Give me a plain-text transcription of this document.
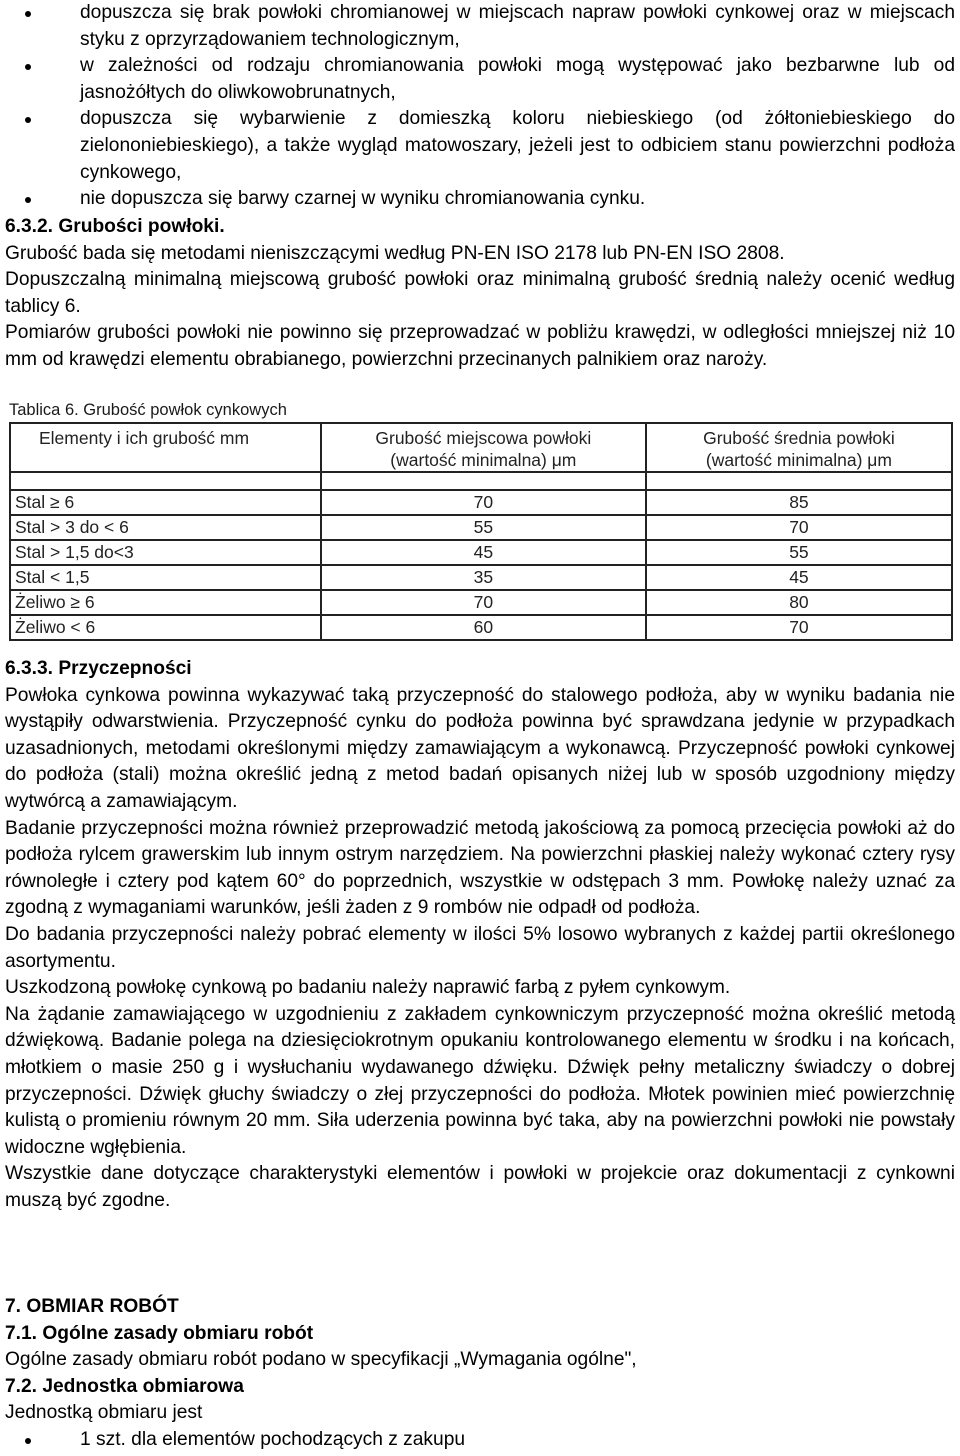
dopuszcza się brak powłoki chromianowej w miejscach napraw powłoki cynkowej oraz w miejscach styku z oprzyrządowaniem technologicznym,
w zależności od rodzaju chromianowania powłoki mogą występować jako bezbarwne lub od jasnożółtych do oliwkowobrunatnych,
dopuszcza się wybarwienie z domieszką koloru niebieskiego (od żółtoniebieskiego do zielononiebieskiego), a także wygląd matowoszary, jeżeli jest to odbiciem stanu powierzchni podłoża cynkowego,
nie dopuszcza się barwy czarnej w wyniku chromianowania cynku.

6.3.2. Grubości powłoki.

Grubość bada się metodami nieniszczącymi według PN-EN ISO 2178 lub PN-EN ISO 2808.

Dopuszczalną minimalną miejscową grubość powłoki oraz minimalną grubość średnią należy ocenić według tablicy 6.

Pomiarów grubości powłoki nie powinno się przeprowadzać w pobliżu krawędzi, w odległości mniejszej niż 10 mm od krawędzi elementu obrabianego, powierzchni przecinanych palnikiem oraz naroży.

Tablica 6. Grubość powłok cynkowych
Elementy i ich grubość mm	Grubość miejscowa powłoki (wartość minimalna) μm	Grubość średnia powłoki (wartość minimalna) μm

Stal ≥ 6	70	85
Stal > 3 do < 6	55	70
Stal > 1,5 do<3	45	55
Stal < 1,5	35	45
Żeliwo ≥ 6	70	80
Żeliwo < 6	60	70

6.3.3. Przyczepności

Powłoka cynkowa powinna wykazywać taką przyczepność do stalowego podłoża, aby w wyniku badania nie wystąpiły odwarstwienia. Przyczepność cynku do podłoża powinna być sprawdzana jedynie w przypadkach uzasadnionych, metodami określonymi między zamawiającym a wykonawcą. Przyczepność powłoki cynkowej do podłoża (stali) można określić jedną z metod badań opisanych niżej lub w sposób uzgodniony między wytwórcą a zamawiającym.

Badanie przyczepności można również przeprowadzić metodą jakościową za pomocą przecięcia powłoki aż do podłoża rylcem grawerskim lub innym ostrym narzędziem. Na powierzchni płaskiej należy wykonać cztery rysy równoległe i cztery pod kątem 60° do poprzednich, wszystkie w odstępach 3 mm. Powłokę należy uznać za zgodną z wymaganiami warunków, jeśli żaden z 9 rombów nie odpadł od podłoża.

Do badania przyczepności należy pobrać elementy w ilości 5% losowo wybranych z każdej partii określonego asortymentu.

Uszkodzoną powłokę cynkową po badaniu należy naprawić farbą z pyłem cynkowym.

Na żądanie zamawiającego w uzgodnieniu z zakładem cynkowniczym przyczepność można określić metodą dźwiękową. Badanie polega na dziesięciokrotnym opukaniu kontrolowanego elementu w środku i na końcach, młotkiem o masie 250 g i wysłuchaniu wydawanego dźwięku. Dźwięk pełny metaliczny świadczy o dobrej przyczepności. Dźwięk głuchy świadczy o złej przyczepności do podłoża. Młotek powinien mieć powierzchnię kulistą o promieniu równym 20 mm. Siła uderzenia powinna być taka, aby na powierzchni powłoki nie powstały widoczne wgłębienia.

Wszystkie dane dotyczące charakterystyki elementów i powłoki w projekcie oraz dokumentacji z cynkowni muszą być zgodne.

7. OBMIAR ROBÓT

7.1. Ogólne zasady obmiaru robót

Ogólne zasady obmiaru robót podano w specyfikacji „Wymagania ogólne",

7.2. Jednostka obmiarowa

Jednostką obmiaru jest

1 szt. dla elementów pochodzących z zakupu
